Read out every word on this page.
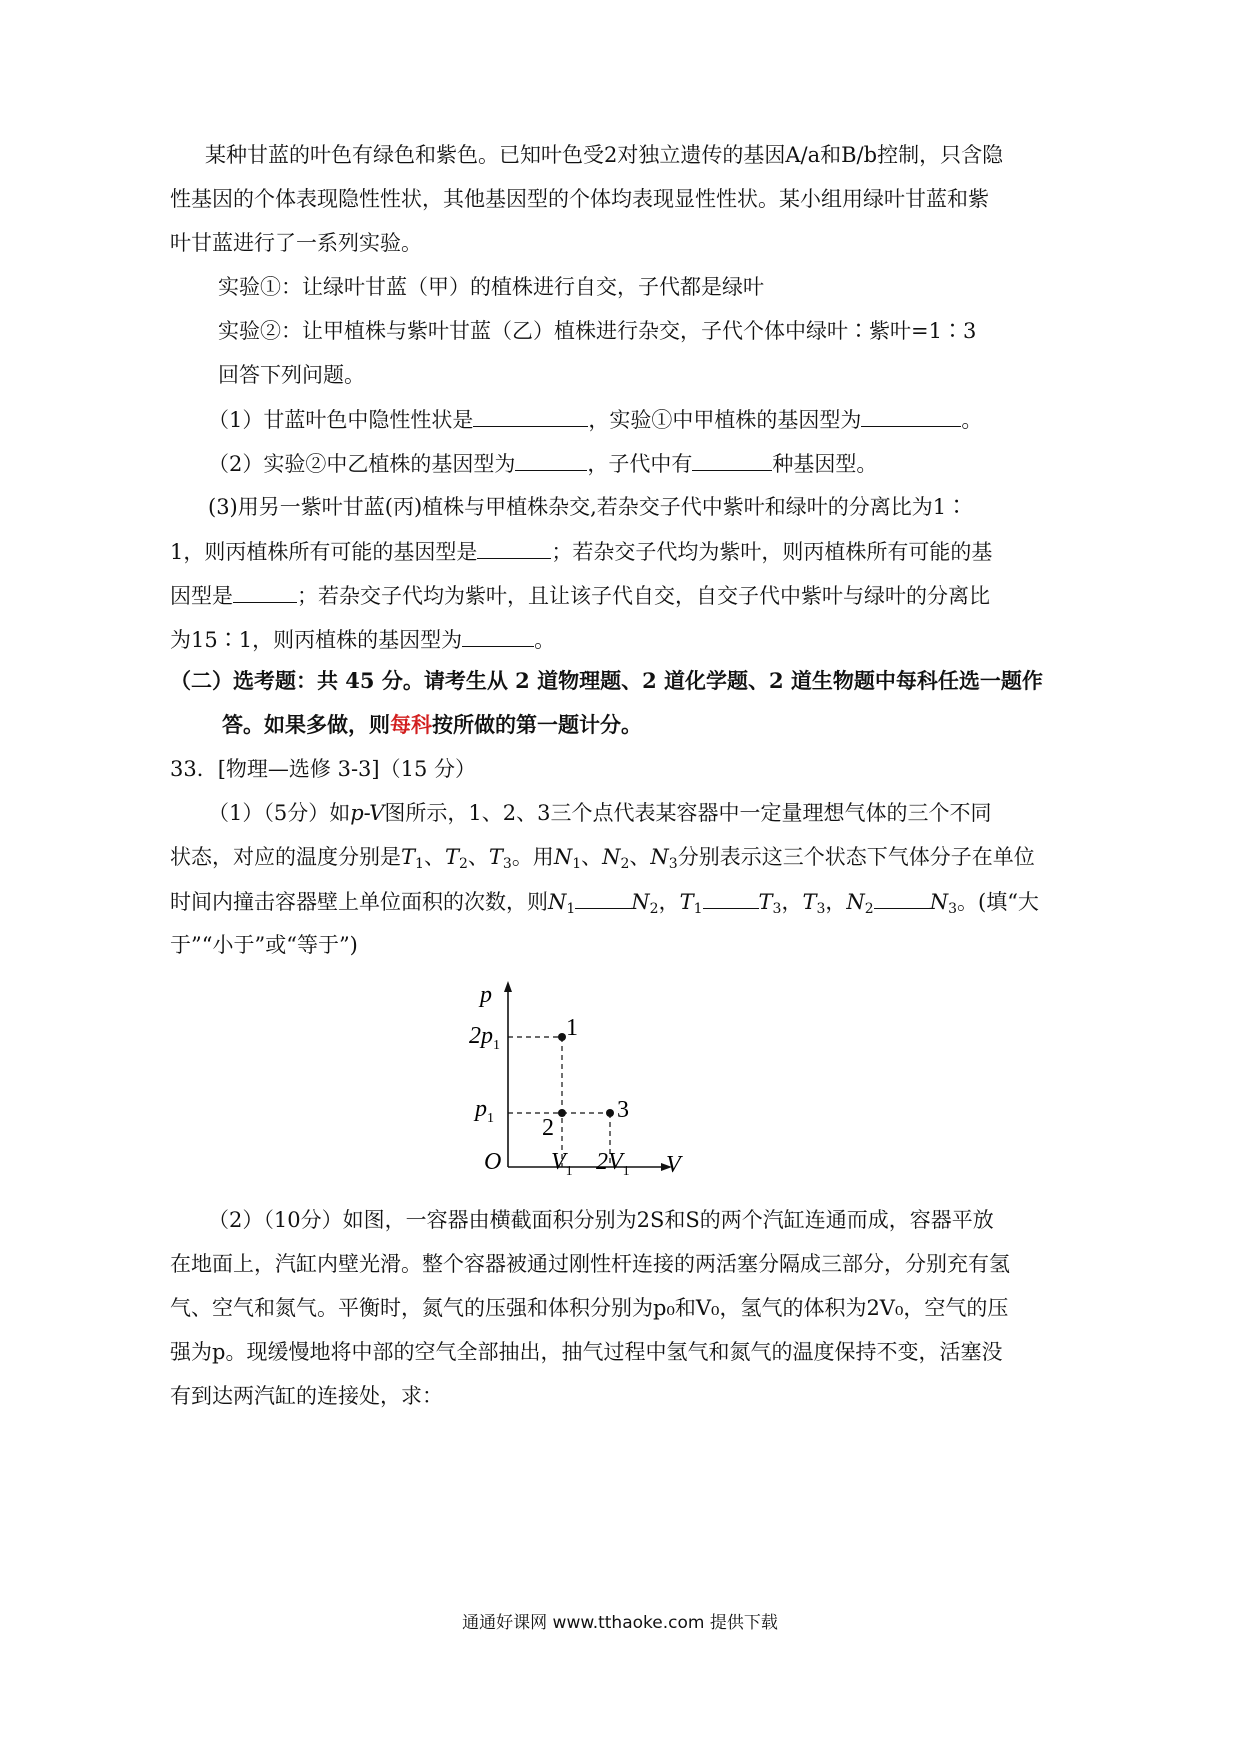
某种甘蓝的叶色有绿色和紫色。已知叶色受2对独立遗传的基因A/a和B/b控制，只含隐
性基因的个体表现隐性性状，其他基因型的个体均表现显性性状。某小组用绿叶甘蓝和紫
叶甘蓝进行了一系列实验。
实验①：让绿叶甘蓝（甲）的植株进行自交，子代都是绿叶
实验②：让甲植株与紫叶甘蓝（乙）植株进行杂交，子代个体中绿叶∶紫叶=1∶3
回答下列问题。
（1）甘蓝叶色中隐性性状是	，实验①中甲植株的基因型为	。
（2）实验②中乙植株的基因型为	，子代中有	种基因型。
(3)用另一紫叶甘蓝(丙)植株与甲植株杂交,若杂交子代中紫叶和绿叶的分离比为1∶
1，则丙植株所有可能的基因型是	；若杂交子代均为紫叶，则丙植株所有可能的基
因型是	；若杂交子代均为紫叶，且让该子代自交，自交子代中紫叶与绿叶的分离比
为15∶1，则丙植株的基因型为	。
（二）选考题：共 45 分。请考生从 2 道物理题、2 道化学题、2 道生物题中每科任选一题作
答。如果多做，则每科按所做的第一题计分。
33．[物理—选修 3-3]（15 分）
（1）（5分）如p-V图所示，1、2、3三个点代表某容器中一定量理想气体的三个不同
状态，对应的温度分别是$T_1$、$T_2$、$T_3$。用$N_1$、$N_2$、$N_3$分别表示这三个状态下气体分子在单位
时间内撞击容器壁上单位面积的次数，则$N_1$	$N_2$，$T_1$	$T_3$，$T_3$，$N_2$	$N_3$。(填“大
于”“小于”或“等于”)
p
V
O
$2p_1$
$p_1$
$V_1$ $2V_1$
1
2
3
（2）（10分）如图，一容器由横截面积分别为2S和S的两个汽缸连通而成，容器平放
在地面上，汽缸内壁光滑。整个容器被通过刚性杆连接的两活塞分隔成三部分，分别充有氢
气、空气和氮气。平衡时，氮气的压强和体积分别为p₀和V₀，氢气的体积为2V₀，空气的压
强为p。现缓慢地将中部的空气全部抽出，抽气过程中氢气和氮气的温度保持不变，活塞没
有到达两汽缸的连接处，求：
通通好课网 www.tthaoke.com 提供下载
